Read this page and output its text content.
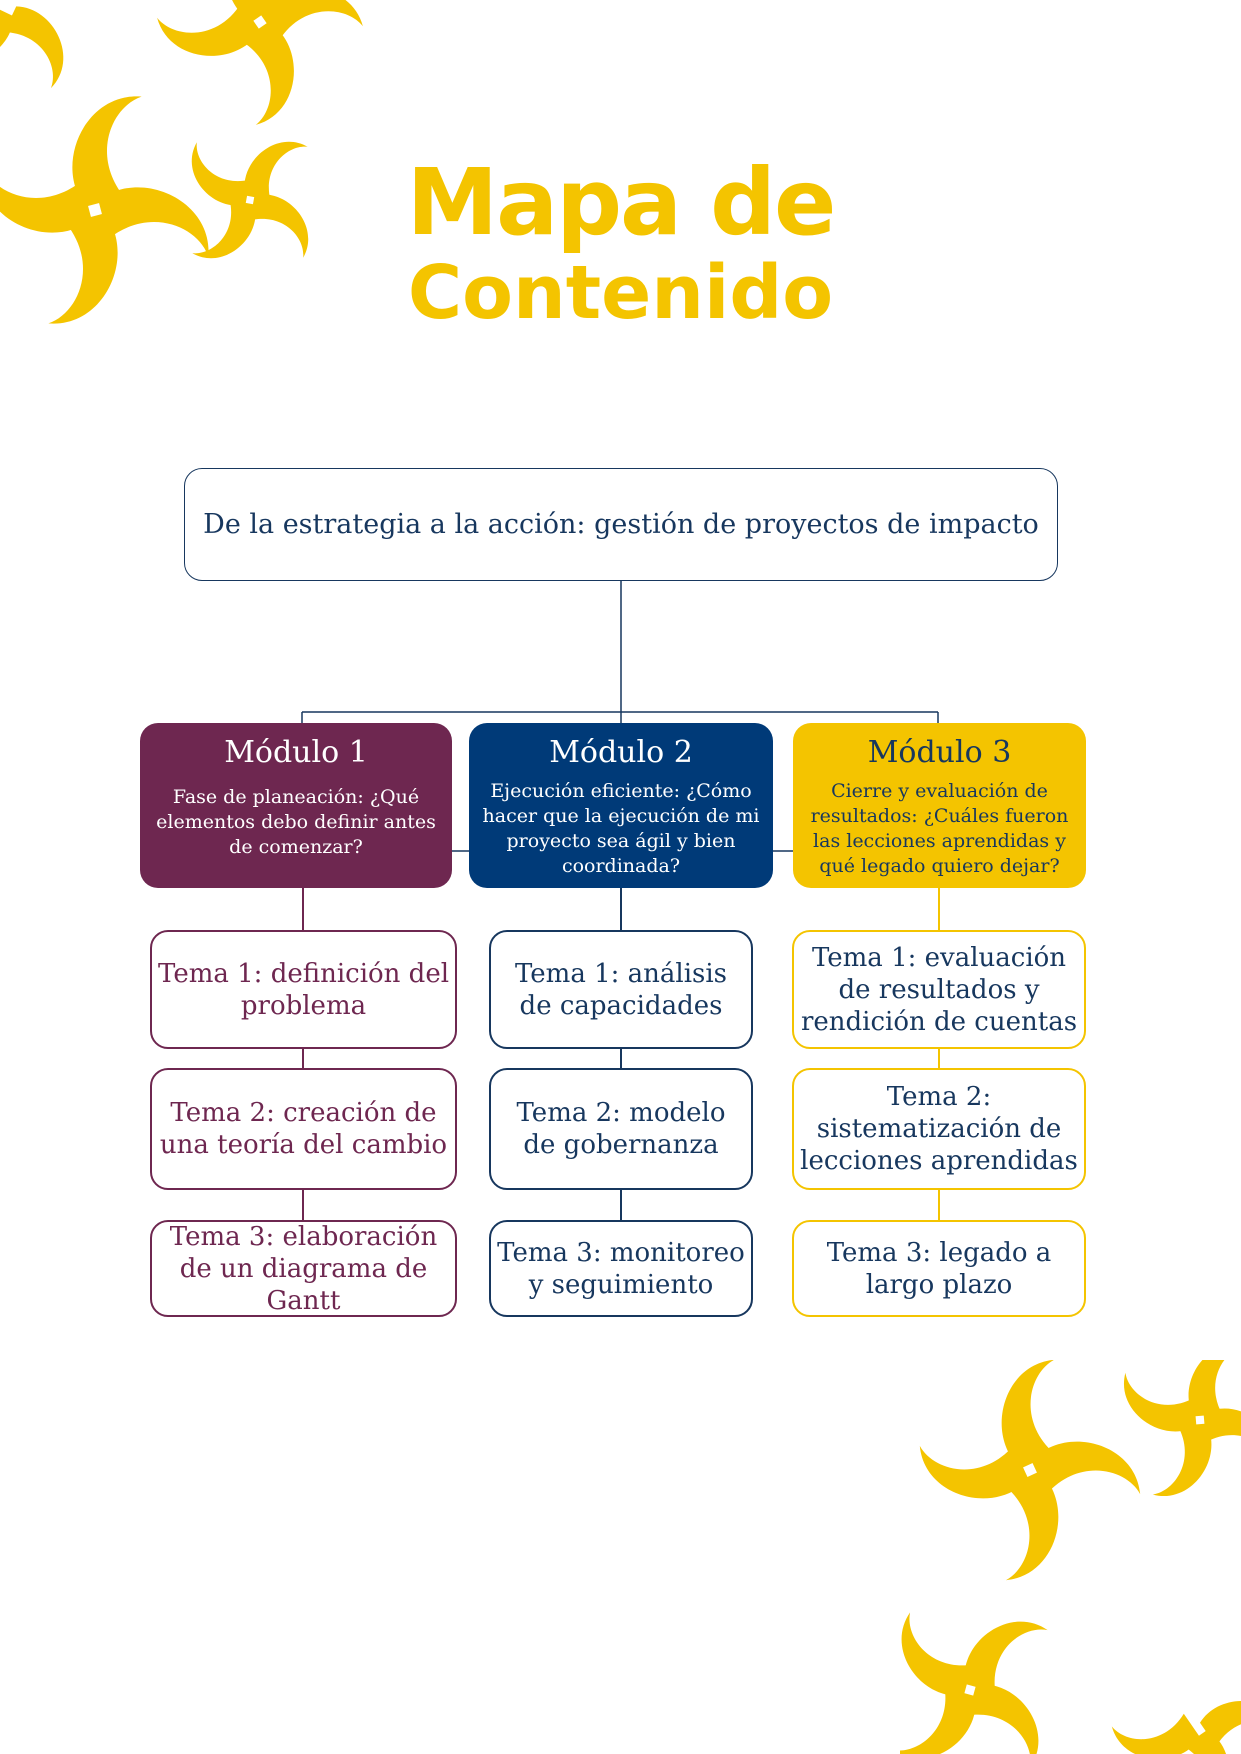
Mapa de
Contenido
De la estrategia a la acción: gestión de proyectos de impacto
Módulo 1
Fase de planeación: ¿Qué elementos debo definir antes de comenzar?
Módulo 2
Ejecución eficiente: ¿Cómo hacer que la ejecución de mi proyecto sea ágil y bien coordinada?
Módulo 3
Cierre y evaluación de resultados: ¿Cuáles fueron las lecciones aprendidas y qué legado quiero dejar?
Tema 1: definición del problema
Tema 2: creación de una teoría del cambio
Tema 3: elaboración de un diagrama de Gantt
Tema 1: análisis de capacidades
Tema 2: modelo de gobernanza
Tema 3: monitoreo y seguimiento
Tema 1: evaluación de resultados y rendición de cuentas
Tema 2: sistematización de lecciones aprendidas
Tema 3: legado a largo plazo
